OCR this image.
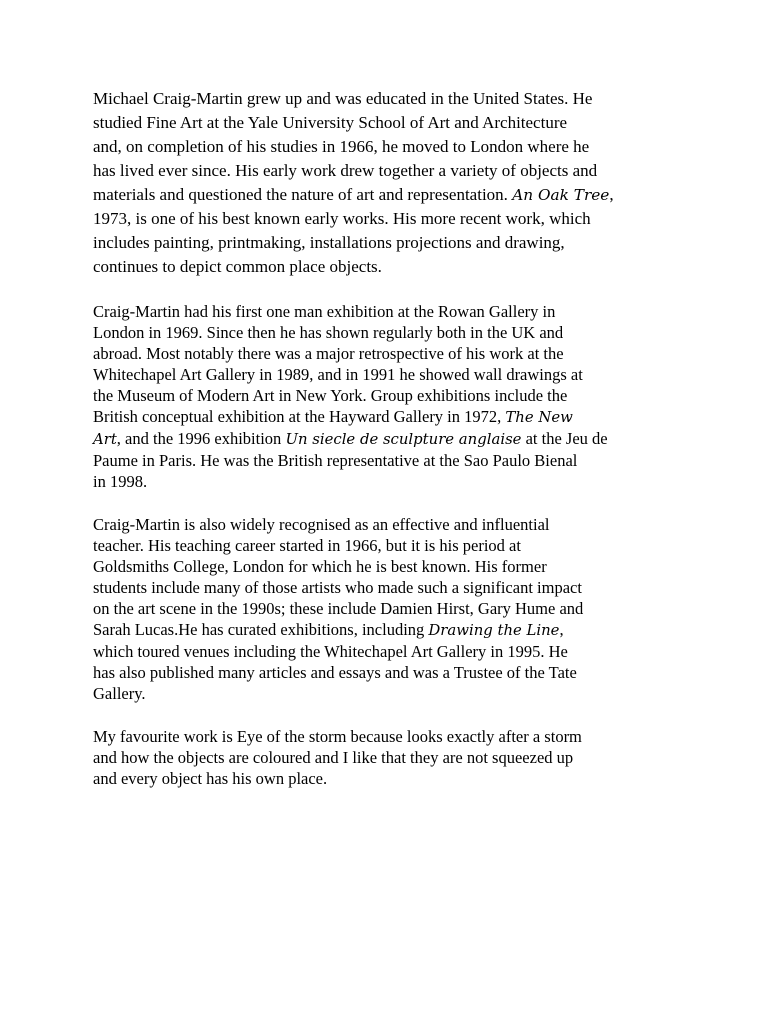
Michael Craig-Martin grew up and was educated in the United States. He
studied Fine Art at the Yale University School of Art and Architecture
and, on completion of his studies in 1966, he moved to London where he
has lived ever since. His early work drew together a variety of objects and
materials and questioned the nature of art and representation. An Oak Tree,
1973, is one of his best known early works. His more recent work, which
includes painting, printmaking, installations projections and drawing,
continues to depict common place objects.

Craig-Martin had his first one man exhibition at the Rowan Gallery in
London in 1969. Since then he has shown regularly both in the UK and
abroad. Most notably there was a major retrospective of his work at the
Whitechapel Art Gallery in 1989, and in 1991 he showed wall drawings at
the Museum of Modern Art in New York. Group exhibitions include the
British conceptual exhibition at the Hayward Gallery in 1972, The New
Art, and the 1996 exhibition Un siecle de sculpture anglaise at the Jeu de
Paume in Paris. He was the British representative at the Sao Paulo Bienal
in 1998.

Craig-Martin is also widely recognised as an effective and influential
teacher. His teaching career started in 1966, but it is his period at
Goldsmiths College, London for which he is best known. His former
students include many of those artists who made such a significant impact
on the art scene in the 1990s; these include Damien Hirst, Gary Hume and
Sarah Lucas.He has curated exhibitions, including Drawing the Line,
which toured venues including the Whitechapel Art Gallery in 1995. He
has also published many articles and essays and was a Trustee of the Tate
Gallery.

My favourite work is Eye of the storm because looks exactly after a storm
and how the objects are coloured and I like that they are not squeezed up
and every object has his own place.
